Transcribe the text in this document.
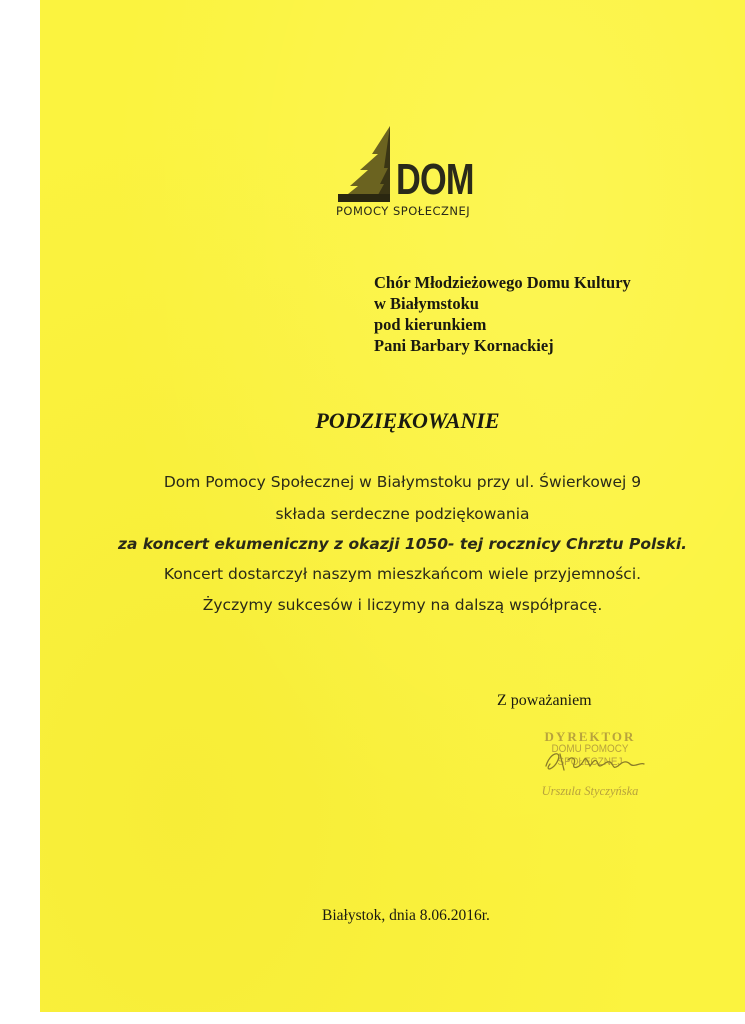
DOM
POMOCY SPOŁECZNEJ
Chór Młodzieżowego Domu Kultury
w Białymstoku
pod kierunkiem
Pani Barbary Kornackiej
PODZIĘKOWANIE
Dom Pomocy Społecznej w Białymstoku przy ul. Świerkowej 9
składa serdeczne podziękowania
za koncert ekumeniczny z okazji 1050- tej rocznicy Chrztu Polski.
Koncert dostarczył naszym mieszkańcom wiele przyjemności.
Życzymy sukcesów i liczymy na dalszą współpracę.
Z poważaniem
DYREKTOR
DOMU POMOCY SPOŁECZNEJ
Urszula Styczyńska
Białystok, dnia 8.06.2016r.
